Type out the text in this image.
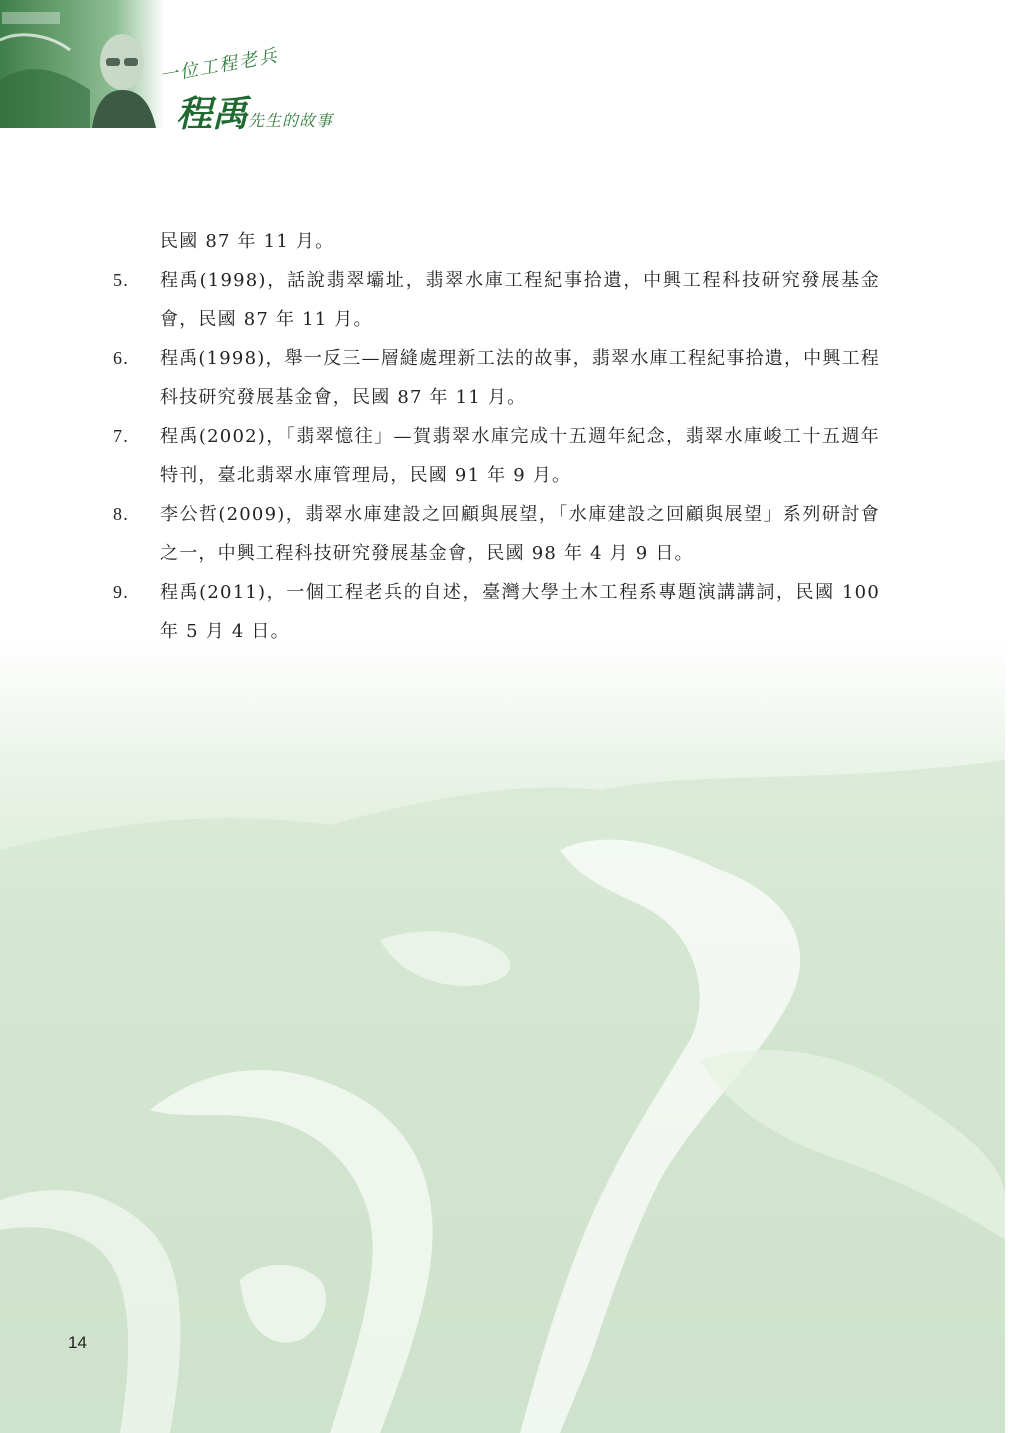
一位工程老兵
程禹 先生的故事
民國 87 年 11 月。
5. 程禹(1998)，話說翡翠壩址，翡翠水庫工程紀事拾遺，中興工程科技研究發展基金會，民國 87 年 11 月。
6. 程禹(1998)，舉一反三—層縫處理新工法的故事，翡翠水庫工程紀事拾遺，中興工程科技研究發展基金會，民國 87 年 11 月。
7. 程禹(2002)，「翡翠憶往」—賀翡翠水庫完成十五週年紀念，翡翠水庫峻工十五週年特刊，臺北翡翠水庫管理局，民國 91 年 9 月。
8. 李公哲(2009)，翡翠水庫建設之回顧與展望，「水庫建設之回顧與展望」系列研討會之一，中興工程科技研究發展基金會，民國 98 年 4 月 9 日。
9. 程禹(2011)，一個工程老兵的自述，臺灣大學土木工程系專題演講講詞，民國 100 年 5 月 4 日。
14
